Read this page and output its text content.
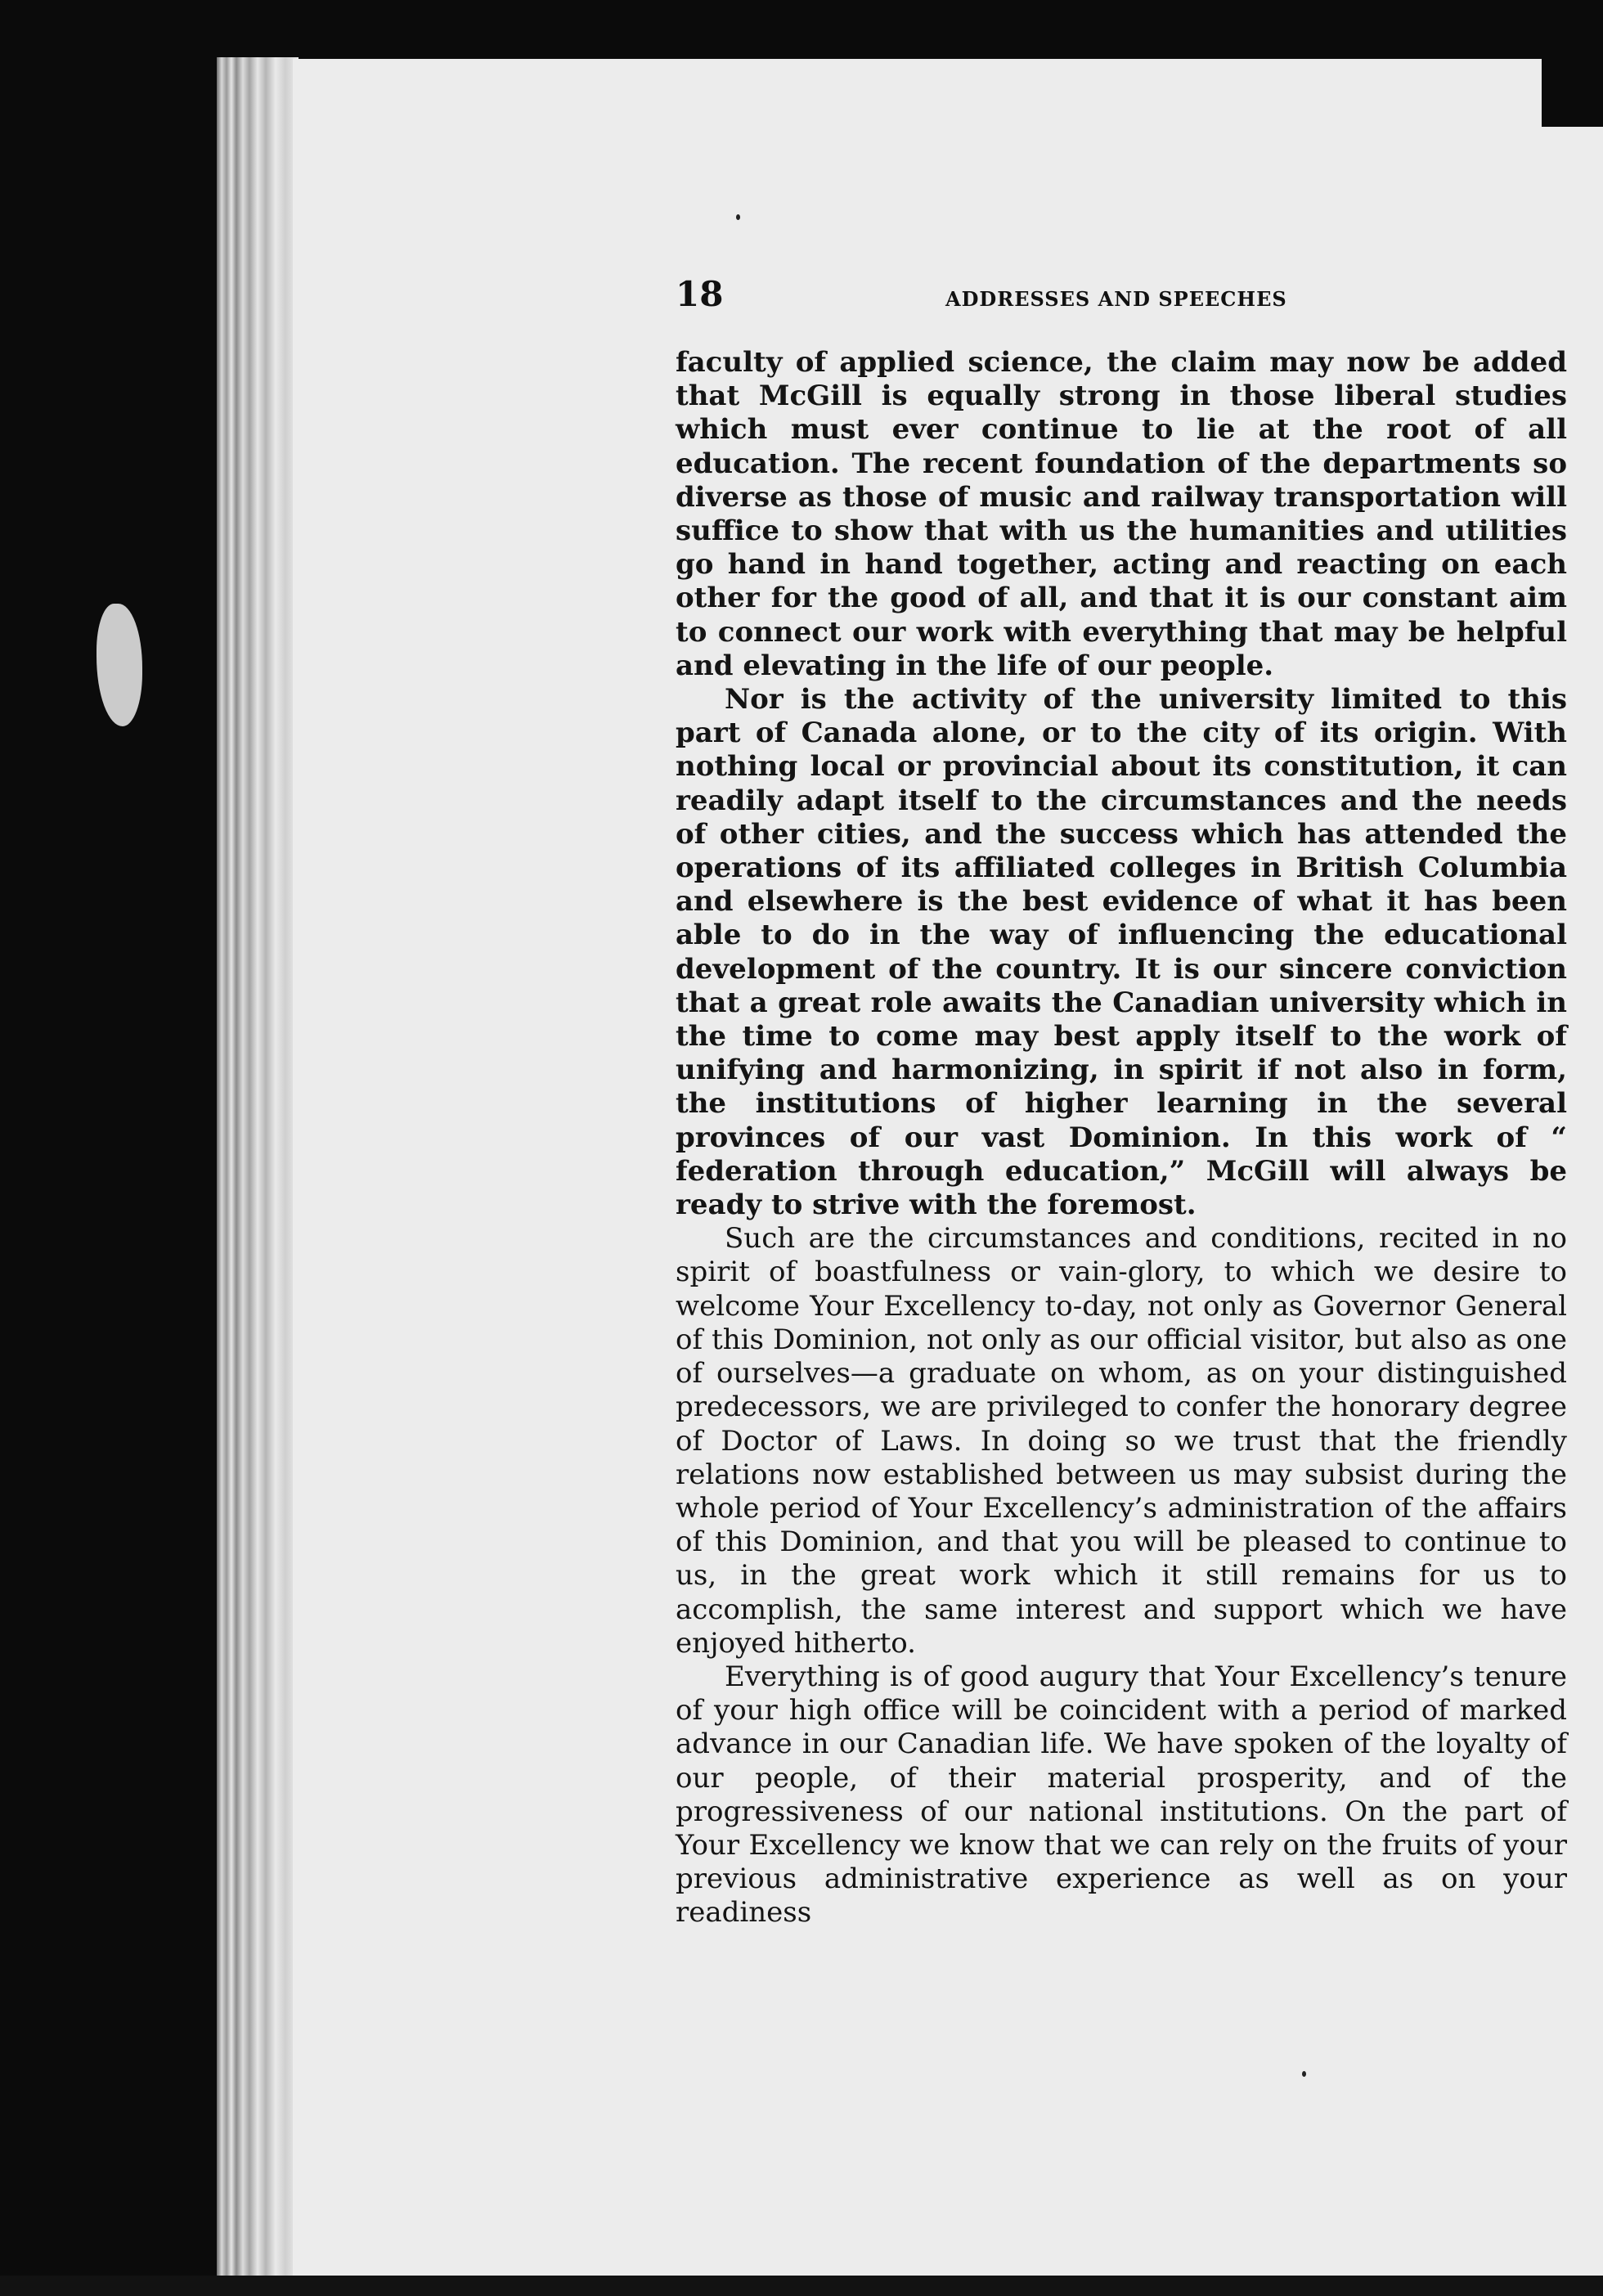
18	ADDRESSES AND SPEECHES

faculty of applied science, the claim may now be added that McGill is equally strong in those liberal studies which must ever continue to lie at the root of all education. The recent foundation of the departments so diverse as those of music and railway transportation will suffice to show that with us the humanities and utilities go hand in hand together, acting and reacting on each other for the good of all, and that it is our constant aim to connect our work with everything that may be helpful and elevating in the life of our people.

Nor is the activity of the university limited to this part of Canada alone, or to the city of its origin. With nothing local or provincial about its constitution, it can readily adapt itself to the circumstances and the needs of other cities, and the success which has attended the operations of its affiliated colleges in British Columbia and elsewhere is the best evidence of what it has been able to do in the way of influencing the educational development of the country. It is our sincere conviction that a great role awaits the Canadian university which in the time to come may best apply itself to the work of unifying and harmonizing, in spirit if not also in form, the institutions of higher learning in the several provinces of our vast Dominion. In this work of “ federation through education,” McGill will always be ready to strive with the foremost.

Such are the circumstances and conditions, recited in no spirit of boastfulness or vain-glory, to which we desire to welcome Your Excellency to-day, not only as Governor General of this Dominion, not only as our official visitor, but also as one of ourselves—a graduate on whom, as on your distinguished predecessors, we are privileged to confer the honorary degree of Doctor of Laws. In doing so we trust that the friendly relations now established between us may subsist during the whole period of Your Excellency’s administration of the affairs of this Dominion, and that you will be pleased to continue to us, in the great work which it still remains for us to accomplish, the same interest and support which we have enjoyed hitherto.

Everything is of good augury that Your Excellency’s tenure of your high office will be coincident with a period of marked advance in our Canadian life. We have spoken of the loyalty of our people, of their material prosperity, and of the progressiveness of our national institutions. On the part of Your Excellency we know that we can rely on the fruits of your previous administrative experience as well as on your readiness
